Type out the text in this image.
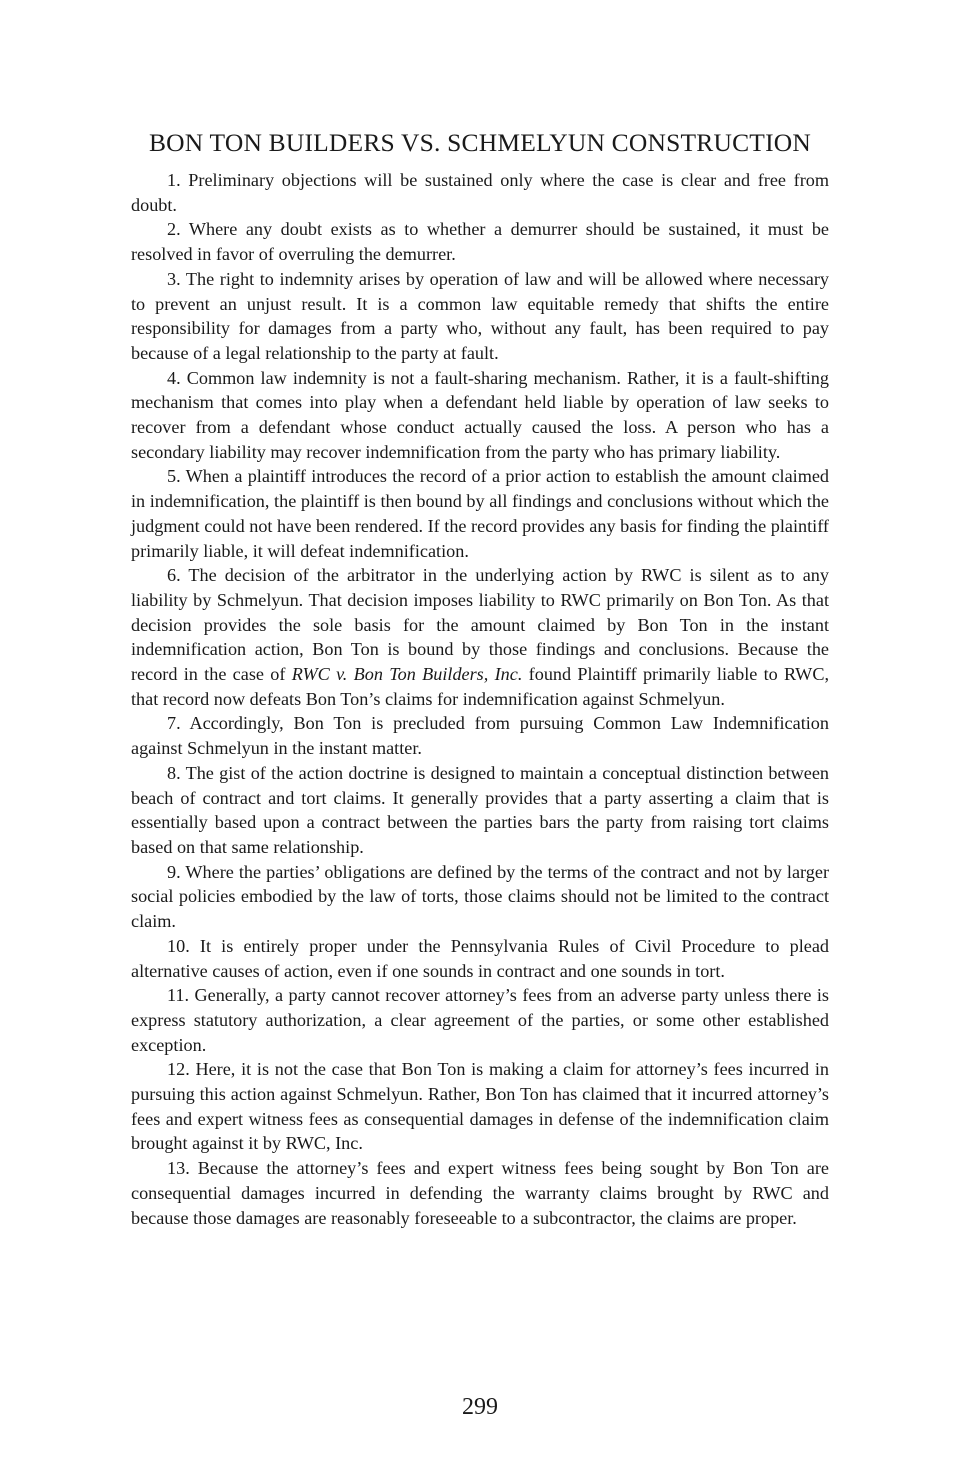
BON TON BUILDERS VS. SCHMELYUN CONSTRUCTION

1. Preliminary objections will be sustained only where the case is clear and free from doubt.

2. Where any doubt exists as to whether a demurrer should be sustained, it must be resolved in favor of overruling the demurrer.

3. The right to indemnity arises by operation of law and will be allowed where necessary to prevent an unjust result. It is a common law equitable remedy that shifts the entire responsibility for damages from a party who, without any fault, has been required to pay because of a legal relationship to the party at fault.

4. Common law indemnity is not a fault-sharing mechanism. Rather, it is a fault-shifting mechanism that comes into play when a defendant held liable by operation of law seeks to recover from a defendant whose conduct actually caused the loss. A person who has a secondary liability may recover indemnification from the party who has primary liability.

5. When a plaintiff introduces the record of a prior action to establish the amount claimed in indemnification, the plaintiff is then bound by all findings and conclusions without which the judgment could not have been rendered. If the record provides any basis for finding the plaintiff primarily liable, it will defeat indemnification.

6. The decision of the arbitrator in the underlying action by RWC is silent as to any liability by Schmelyun. That decision imposes liability to RWC primarily on Bon Ton. As that decision provides the sole basis for the amount claimed by Bon Ton in the instant indemnification action, Bon Ton is bound by those findings and conclusions. Because the record in the case of RWC v. Bon Ton Builders, Inc. found Plaintiff primarily liable to RWC, that record now defeats Bon Ton’s claims for indemnification against Schmelyun.

7. Accordingly, Bon Ton is precluded from pursuing Common Law Indemnification against Schmelyun in the instant matter.

8. The gist of the action doctrine is designed to maintain a conceptual distinction between beach of contract and tort claims. It generally provides that a party asserting a claim that is essentially based upon a contract between the parties bars the party from raising tort claims based on that same relationship.

9. Where the parties’ obligations are defined by the terms of the contract and not by larger social policies embodied by the law of torts, those claims should not be limited to the contract claim.

10. It is entirely proper under the Pennsylvania Rules of Civil Procedure to plead alternative causes of action, even if one sounds in contract and one sounds in tort.

11. Generally, a party cannot recover attorney’s fees from an adverse party unless there is express statutory authorization, a clear agreement of the parties, or some other established exception.

12. Here, it is not the case that Bon Ton is making a claim for attorney’s fees incurred in pursuing this action against Schmelyun. Rather, Bon Ton has claimed that it incurred attorney’s fees and expert witness fees as consequential damages in defense of the indemnification claim brought against it by RWC, Inc.

13. Because the attorney’s fees and expert witness fees being sought by Bon Ton are consequential damages incurred in defending the warranty claims brought by RWC and because those damages are reasonably foreseeable to a subcontractor, the claims are proper.

299
